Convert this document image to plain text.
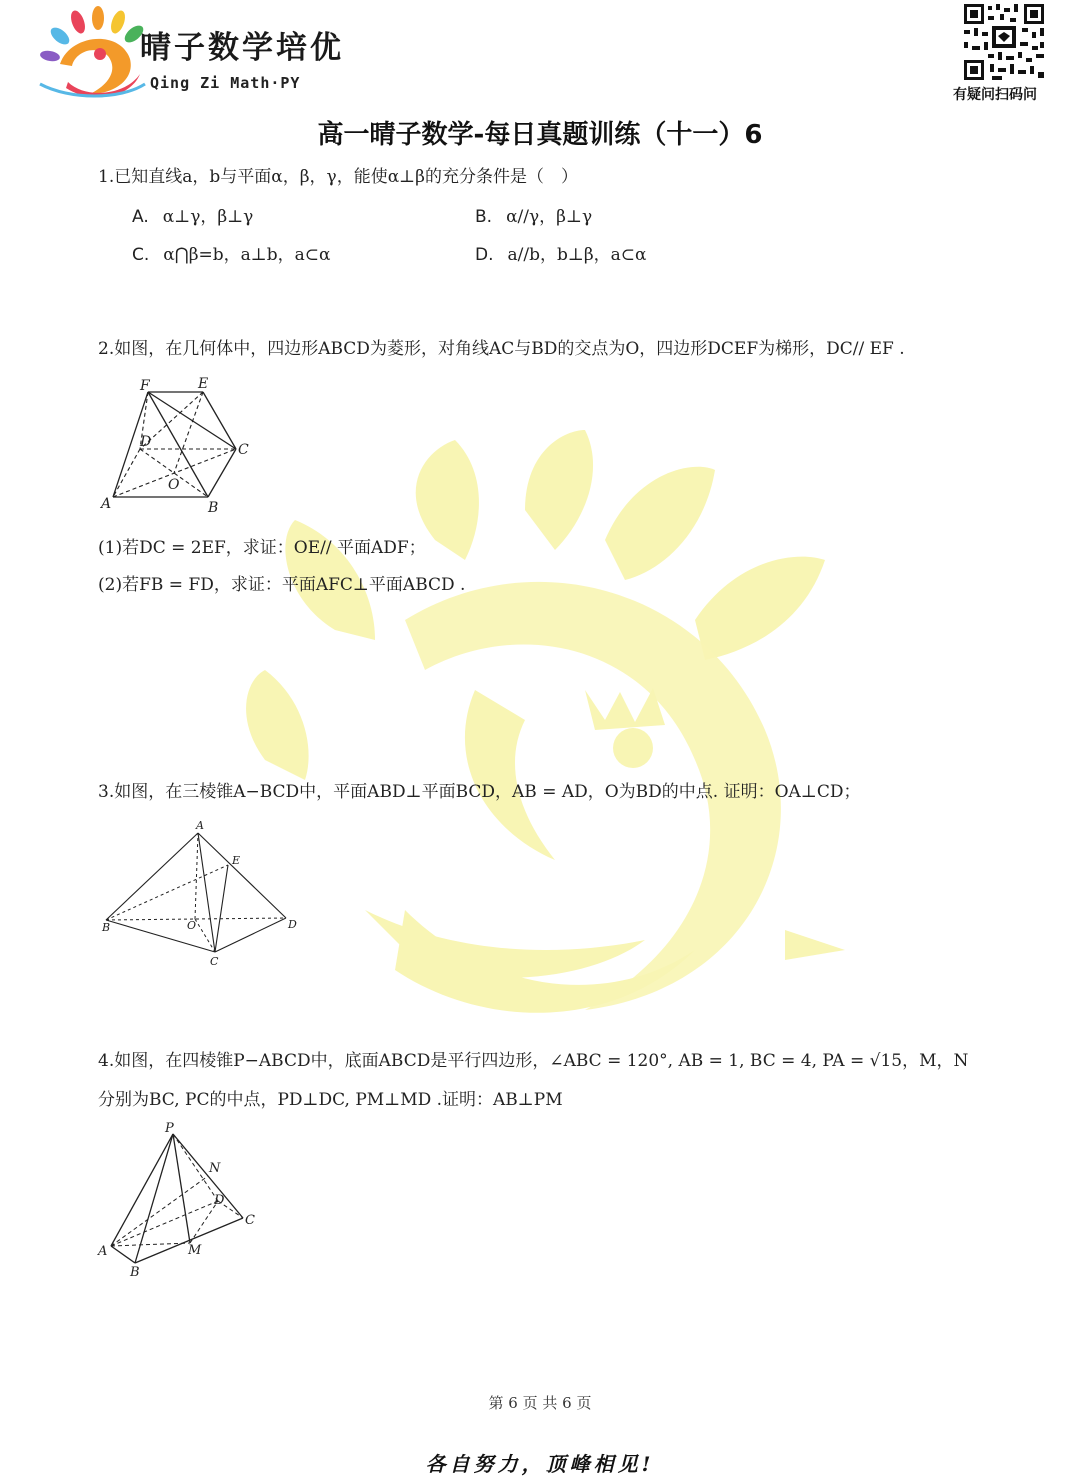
晴子数学培优
Qing Zi Math·PY
有疑问扫码问
高一晴子数学-每日真题训练（十一）6
1.已知直线a，b与平面α，β，γ，能使α⊥β的充分条件是（　）
A. α⊥γ，β⊥γ	B. α//γ，β⊥γ
C. α⋂β=b，a⊥b，a⊂α	D. a//b，b⊥β，a⊂α
2.如图，在几何体中，四边形ABCD为菱形，对角线AC与BD的交点为O，四边形DCEF为梯形，DC// EF .
F	E
D	C
O
A	B
(1)若DC = 2EF，求证：OE// 平面ADF；
(2)若FB = FD，求证：平面AFC⊥平面ABCD .
3.如图，在三棱锥A−BCD中，平面ABD⊥平面BCD，AB = AD，O为BD的中点. 证明：OA⊥CD；
A
E
B	O	D
C
4.如图，在四棱锥P−ABCD中，底面ABCD是平行四边形，∠ABC = 120°, AB = 1, BC = 4, PA = √15，M，N
分别为BC, PC的中点，PD⊥DC, PM⊥MD .证明：AB⊥PM
P
N
D
C
A	M
B
第 6 页 共 6 页
各自努力，顶峰相见!
